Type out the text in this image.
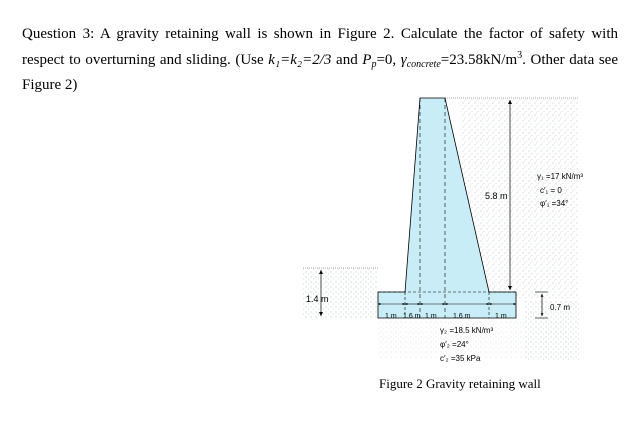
Question 3: A gravity retaining wall is shown in Figure 2. Calculate the factor of safety with respect to overturning and sliding. (Use k₁=k₂=2/3 and $P_p=0$, $\gamma_{concrete}=23.58kN/m^3$. Other data see Figure 2)
5.8 m
1.4 m
0.7 m
1 m 1.6 m 1 m 1.6 m	1 m
γ₁ =17 kN/m³
c′₁ = 0
φ′₁ =34°
γ₂ =18.5 kN/m³
φ′₂ =24°
c′₂ =35 kPa
Figure 2 Gravity retaining wall
